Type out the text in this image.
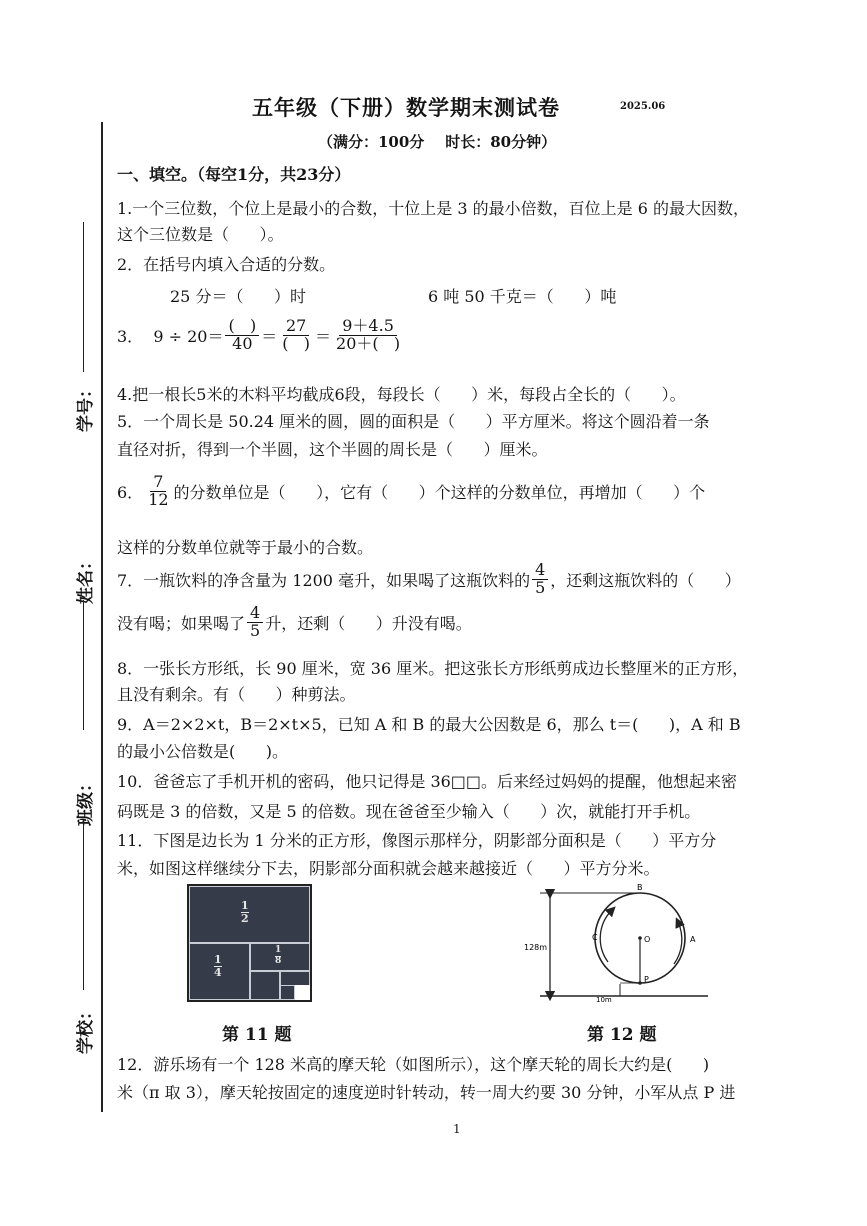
五年级（下册）数学期末测试卷	2025.06
（满分：100分    时长：80分钟）
学号：
姓名：
班级：
学校：
一、填空。（每空1分，共23分）
1.一个三位数，个位上是最小的合数，十位上是 3 的最小倍数，百位上是 6 的最大因数，
这个三位数是（      ）。
2．在括号内填入合适的分数。
25 分＝（      ）时	6 吨 50 千克＝（      ）吨
3．  $9 \div 20= \frac{( )}{40} = \frac{27}{( )} = \frac{9+4.5}{20+( )}$
4.把一根长5米的木料平均截成6段，每段长（      ）米，每段占全长的（      ）。
5．一个周长是 50.24 厘米的圆，圆的面积是（      ）平方厘米。将这个圆沿着一条
直径对折，得到一个半圆，这个半圆的周长是（      ）厘米。
6． $\frac{7}{12}$ 的分数单位是（      ），它有（      ）个这样的分数单位，再增加（      ）个
这样的分数单位就等于最小的合数。
7．一瓶饮料的净含量为 1200 毫升，如果喝了这瓶饮料的 $\frac{4}{5}$ ，还剩这瓶饮料的（      ）
没有喝；如果喝了 $\frac{4}{5}$ 升，还剩（      ）升没有喝。
8．一张长方形纸，长 90 厘米，宽 36 厘米。把这张长方形纸剪成边长整厘米的正方形，
且没有剩余。有（      ）种剪法。
9．A＝2×2×t，B＝2×t×5，已知 A 和 B 的最大公因数是 6，那么 t＝(      )，A 和 B
的最小公倍数是(      )。
10．爸爸忘了手机开机的密码，他只记得是 36□□。后来经过妈妈的提醒，他想起来密
码既是 3 的倍数，又是 5 的倍数。现在爸爸至少输入（      ）次，就能打开手机。
11．下图是边长为 1 分米的正方形，像图示那样分，阴影部分面积是（      ）平方分
米，如图这样继续分下去，阴影部分面积就会越来越接近（      ）平方分米。
$\frac{1}{2}$
$\frac{1}{4}$	$\frac{1}{8}$
第 11 题
128m
10m
B
O	A
C
P
第 12 题
12．游乐场有一个 128 米高的摩天轮（如图所示），这个摩天轮的周长大约是(      )
米（π 取 3），摩天轮按固定的速度逆时针转动，转一周大约要 30 分钟，小军从点 P 进
1
